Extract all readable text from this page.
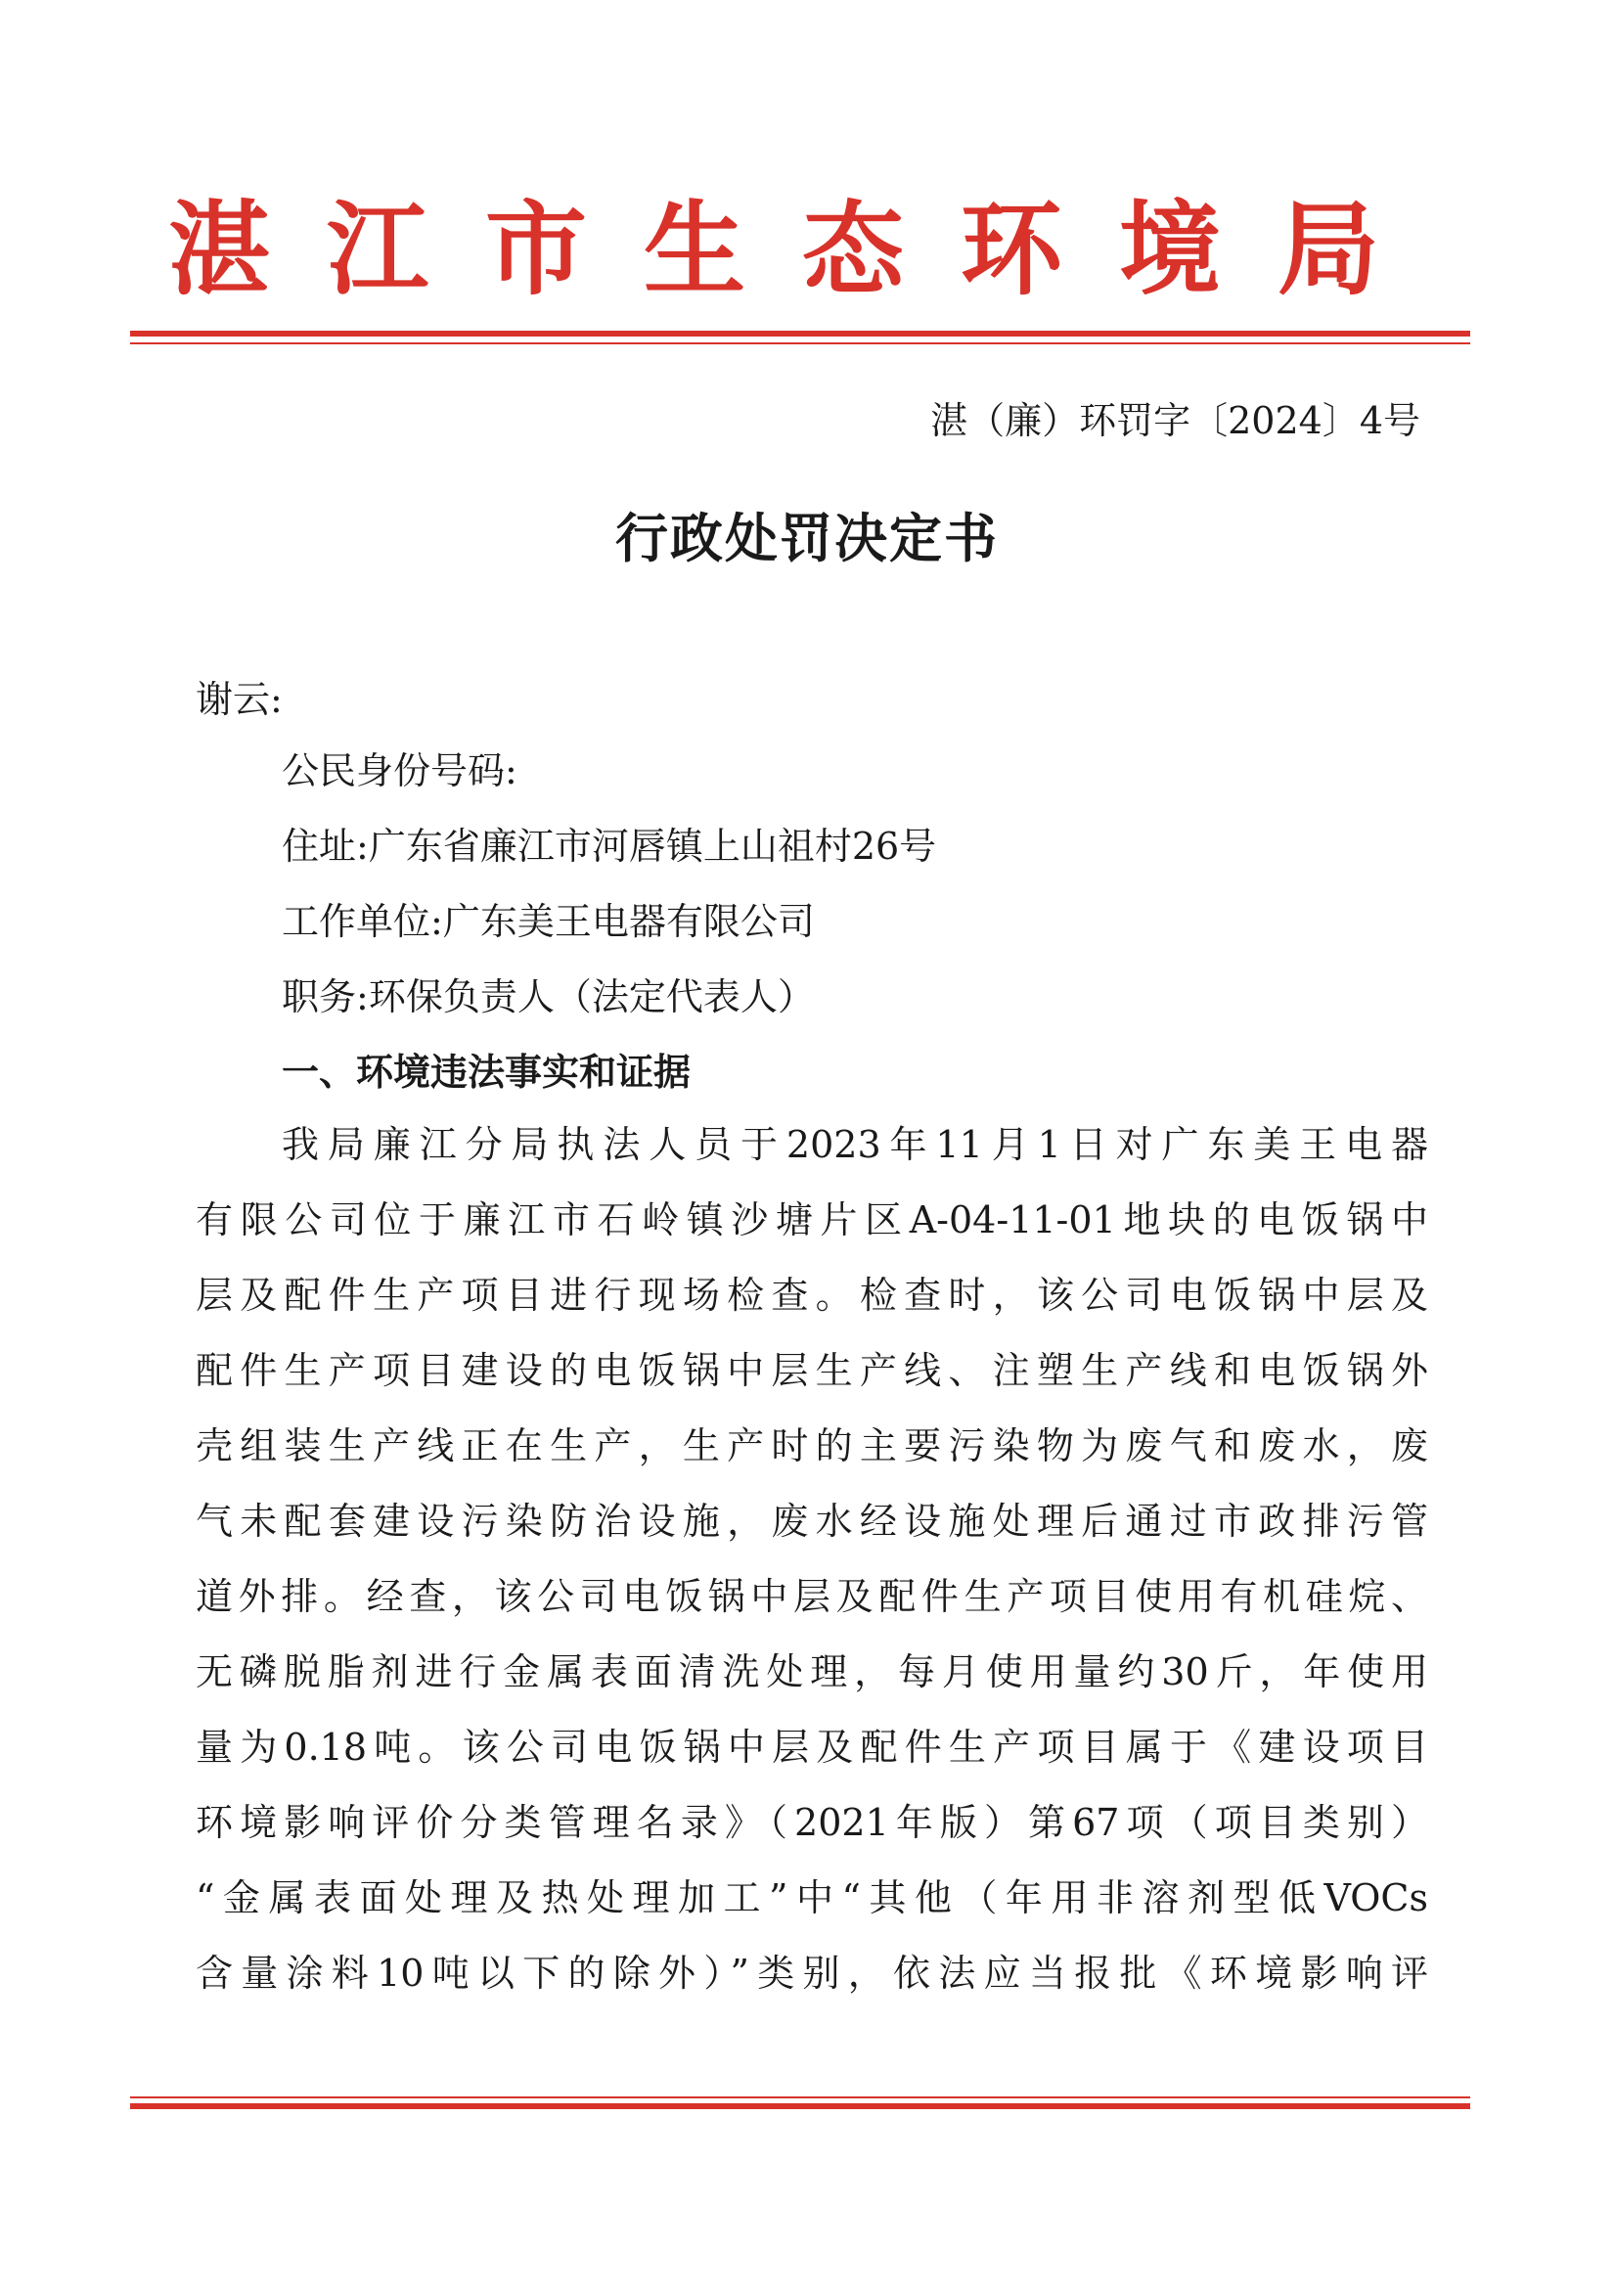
湛江市生态环境局
湛（廉）环罚字〔2024〕4号
行政处罚决定书
谢云:
公民身份号码:
住址:广东省廉江市河唇镇上山祖村26号
工作单位:广东美王电器有限公司
职务:环保负责人（法定代表人）
一、环境违法事实和证据
我局廉江分局执法人员于2023年11月1日对广东美王电器
有限公司位于廉江市石岭镇沙塘片区A-04-11-01地块的电饭锅中
层及配件生产项目进行现场检查。检查时，该公司电饭锅中层及
配件生产项目建设的电饭锅中层生产线、注塑生产线和电饭锅外
壳组装生产线正在生产，生产时的主要污染物为废气和废水，废
气未配套建设污染防治设施，废水经设施处理后通过市政排污管
道外排。经查，该公司电饭锅中层及配件生产项目使用有机硅烷、
无磷脱脂剂进行金属表面清洗处理，每月使用量约30斤，年使用
量为0.18吨。该公司电饭锅中层及配件生产项目属于《建设项目
环境影响评价分类管理名录》（2021年版）第67项（项目类别）
“金属表面处理及热处理加工”中“其他（年用非溶剂型低VOCs
含量涂料10吨以下的除外）”类别，依法应当报批《环境影响评
